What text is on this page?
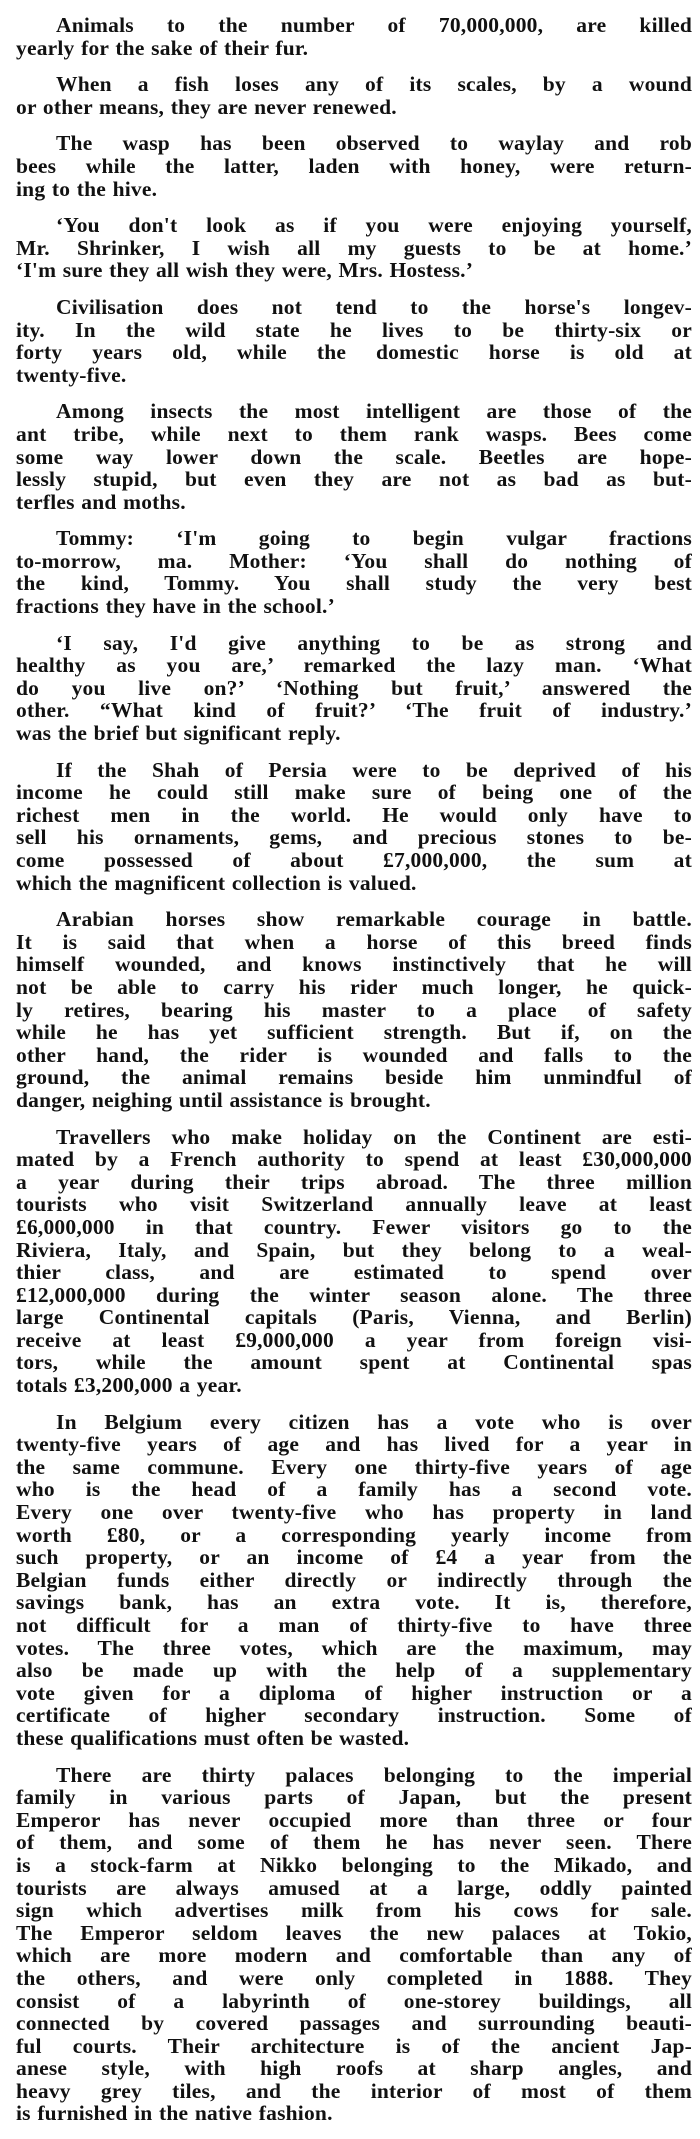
Animals to the number of 70,000,000, are killed
yearly for the sake of their fur.

When a fish loses any of its scales, by a wound
or other means, they are never renewed.

The wasp has been observed to waylay and rob
bees while the latter, laden with honey, were return-
ing to the hive.

‘You don't look as if you were enjoying yourself,
Mr. Shrinker, I wish all my guests to be at home.’
‘I'm sure they all wish they were, Mrs. Hostess.’

Civilisation does not tend to the horse's longev-
ity. In the wild state he lives to be thirty-six or
forty years old, while the domestic horse is old at
twenty-five.

Among insects the most intelligent are those of the
ant tribe, while next to them rank wasps. Bees come
some way lower down the scale. Beetles are hope-
lessly stupid, but even they are not as bad as but-
terfles and moths.

Tommy: ‘I'm going to begin vulgar fractions
to-morrow, ma. Mother: ‘You shall do nothing of
the kind, Tommy. You shall study the very best
fractions they have in the school.’

‘I say, I'd give anything to be as strong and
healthy as you are,’ remarked the lazy man. ‘What
do you live on?’ ‘Nothing but fruit,’ answered the
other. “What kind of fruit?’ ‘The fruit of industry.’
was the brief but significant reply.

If the Shah of Persia were to be deprived of his
income he could still make sure of being one of the
richest men in the world. He would only have to
sell his ornaments, gems, and precious stones to be-
come possessed of about £7,000,000, the sum at
which the magnificent collection is valued.

Arabian horses show remarkable courage in battle.
It is said that when a horse of this breed finds
himself wounded, and knows instinctively that he will
not be able to carry his rider much longer, he quick-
ly retires, bearing his master to a place of safety
while he has yet sufficient strength. But if, on the
other hand, the rider is wounded and falls to the
ground, the animal remains beside him unmindful of
danger, neighing until assistance is brought.

Travellers who make holiday on the Continent are esti-
mated by a French authority to spend at least £30,000,000
a year during their trips abroad. The three million
tourists who visit Switzerland annually leave at least
£6,000,000 in that country. Fewer visitors go to the
Riviera, Italy, and Spain, but they belong to a weal-
thier class, and are estimated to spend over
£12,000,000 during the winter season alone. The three
large Continental capitals (Paris, Vienna, and Berlin)
receive at least £9,000,000 a year from foreign visi-
tors, while the amount spent at Continental spas
totals £3,200,000 a year.

In Belgium every citizen has a vote who is over
twenty-five years of age and has lived for a year in
the same commune. Every one thirty-five years of age
who is the head of a family has a second vote.
Every one over twenty-five who has property in land
worth £80, or a corresponding yearly income from
such property, or an income of £4 a year from the
Belgian funds either directly or indirectly through the
savings bank, has an extra vote. It is, therefore,
not difficult for a man of thirty-five to have three
votes. The three votes, which are the maximum, may
also be made up with the help of a supplementary
vote given for a diploma of higher instruction or a
certificate of higher secondary instruction. Some of
these qualifications must often be wasted.

There are thirty palaces belonging to the imperial
family in various parts of Japan, but the present
Emperor has never occupied more than three or four
of them, and some of them he has never seen. There
is a stock-farm at Nikko belonging to the Mikado, and
tourists are always amused at a large, oddly painted
sign which advertises milk from his cows for sale.
The Emperor seldom leaves the new palaces at Tokio,
which are more modern and comfortable than any of
the others, and were only completed in 1888. They
consist of a labyrinth of one-storey buildings, all
connected by covered passages and surrounding beauti-
ful courts. Their architecture is of the ancient Jap-
anese style, with high roofs at sharp angles, and
heavy grey tiles, and the interior of most of them
is furnished in the native fashion.
